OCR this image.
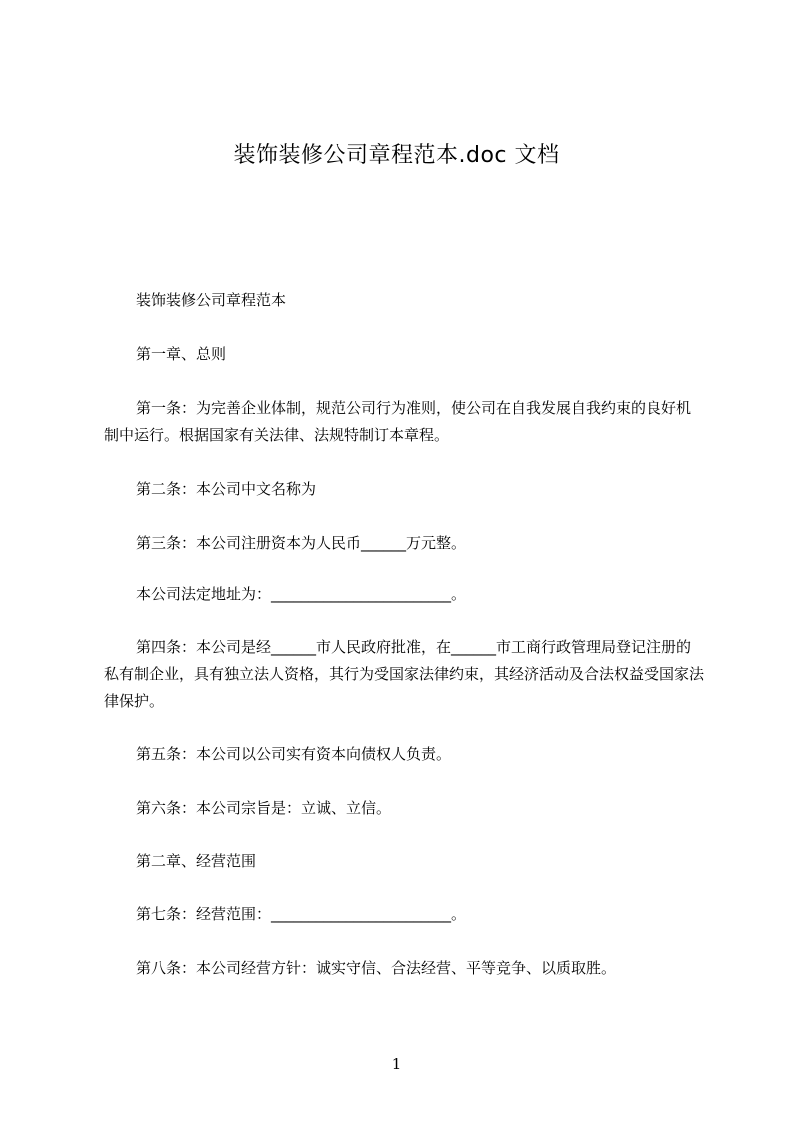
装饰装修公司章程范本.doc 文档

装饰装修公司章程范本

第一章、总则

第一条：为完善企业体制，规范公司行为准则，使公司在自我发展自我约束的良好机制中运行。根据国家有关法律、法规特制订本章程。

第二条：本公司中文名称为

第三条：本公司注册资本为人民币______万元整。

本公司法定地址为：________________________。

第四条：本公司是经______市人民政府批准，在______市工商行政管理局登记注册的私有制企业，具有独立法人资格，其行为受国家法律约束，其经济活动及合法权益受国家法律保护。

第五条：本公司以公司实有资本向债权人负责。

第六条：本公司宗旨是：立诚、立信。

第二章、经营范围

第七条：经营范围：________________________。

第八条：本公司经营方针：诚实守信、合法经营、平等竞争、以质取胜。

1
